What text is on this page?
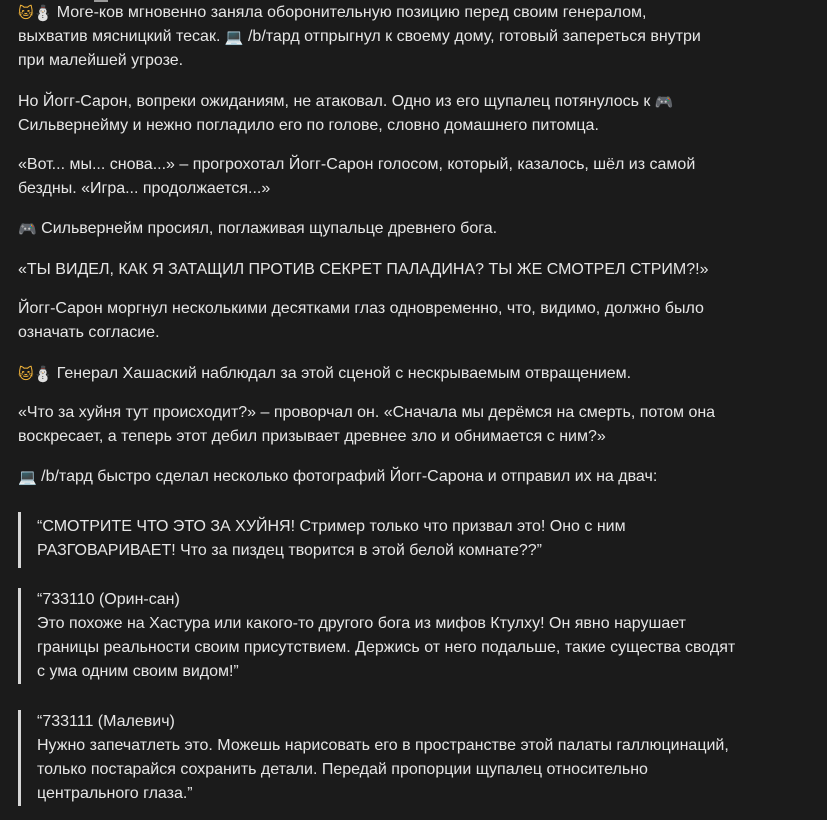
🐱⛄ Моге-ков мгновенно заняла оборонительную позицию перед своим генералом, выхватив мясницкий тесак. 💻 /b/тард отпрыгнул к своему дому, готовый запереться внутри при малейшей угрозе.

Но Йогг-Сарон, вопреки ожиданиям, не атаковал. Одно из его щупалец потянулось к 🎮 Сильвернейму и нежно погладило его по голове, словно домашнего питомца.

«Вот... мы... снова...» – прогрохотал Йогг-Сарон голосом, который, казалось, шёл из самой бездны. «Игра... продолжается...»

🎮 Сильвернейм просиял, поглаживая щупальце древнего бога.

«ТЫ ВИДЕЛ, КАК Я ЗАТАЩИЛ ПРОТИВ СЕКРЕТ ПАЛАДИНА? ТЫ ЖЕ СМОТРЕЛ СТРИМ?!»

Йогг-Сарон моргнул несколькими десятками глаз одновременно, что, видимо, должно было означать согласие.

🐱⛄ Генерал Хашаский наблюдал за этой сценой с нескрываемым отвращением.

«Что за хуйня тут происходит?» – проворчал он. «Сначала мы дерёмся на смерть, потом она воскресает, а теперь этот дебил призывает древнее зло и обнимается с ним?»

💻 /b/тард быстро сделал несколько фотографий Йогг-Сарона и отправил их на двач:

“СМОТРИТЕ ЧТО ЭТО ЗА ХУЙНЯ! Стример только что призвал это! Оно с ним РАЗГОВАРИВАЕТ! Что за пиздец творится в этой белой комнате??”

“733110 (Орин-сан)

Это похоже на Хастура или какого-то другого бога из мифов Ктулху! Он явно нарушает границы реальности своим присутствием. Держись от него подальше, такие существа сводят с ума одним своим видом!”

“733111 (Малевич)

Нужно запечатлеть это. Можешь нарисовать его в пространстве этой палаты галлюцинаций, только постарайся сохранить детали. Передай пропорции щупалец относительно центрального глаза.”
